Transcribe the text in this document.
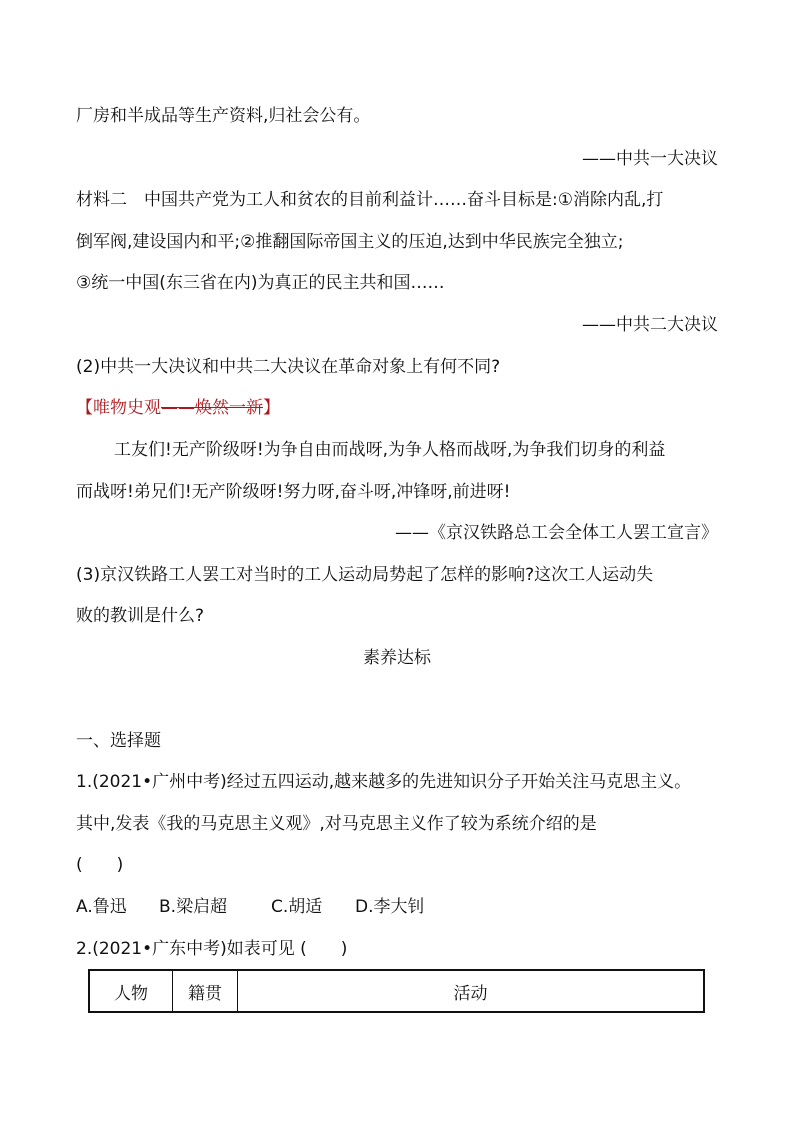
厂房和半成品等生产资料,归社会公有。
——中共一大决议
材料二　中国共产党为工人和贫农的目前利益计……奋斗目标是:①消除内乱,打
倒军阀,建设国内和平;②推翻国际帝国主义的压迫,达到中华民族完全独立;
③统一中国(东三省在内)为真正的民主共和国……
——中共二大决议
(2)中共一大决议和中共二大决议在革命对象上有何不同?
【唯物史观——焕然一新】
工友们!无产阶级呀!为争自由而战呀,为争人格而战呀,为争我们切身的利益
而战呀!弟兄们!无产阶级呀!努力呀,奋斗呀,冲锋呀,前进呀!
——《京汉铁路总工会全体工人罢工宣言》
(3)京汉铁路工人罢工对当时的工人运动局势起了怎样的影响?这次工人运动失
败的教训是什么?
素养达标
一、选择题
1.(2021•广州中考)经过五四运动,越来越多的先进知识分子开始关注马克思主义。
其中,发表《我的马克思主义观》,对马克思主义作了较为系统介绍的是
(　　)
A.鲁迅 B.梁启超	C.胡适 D.李大钊
2.(2021•广东中考)如表可见 (　　)
人物	籍贯	活动
